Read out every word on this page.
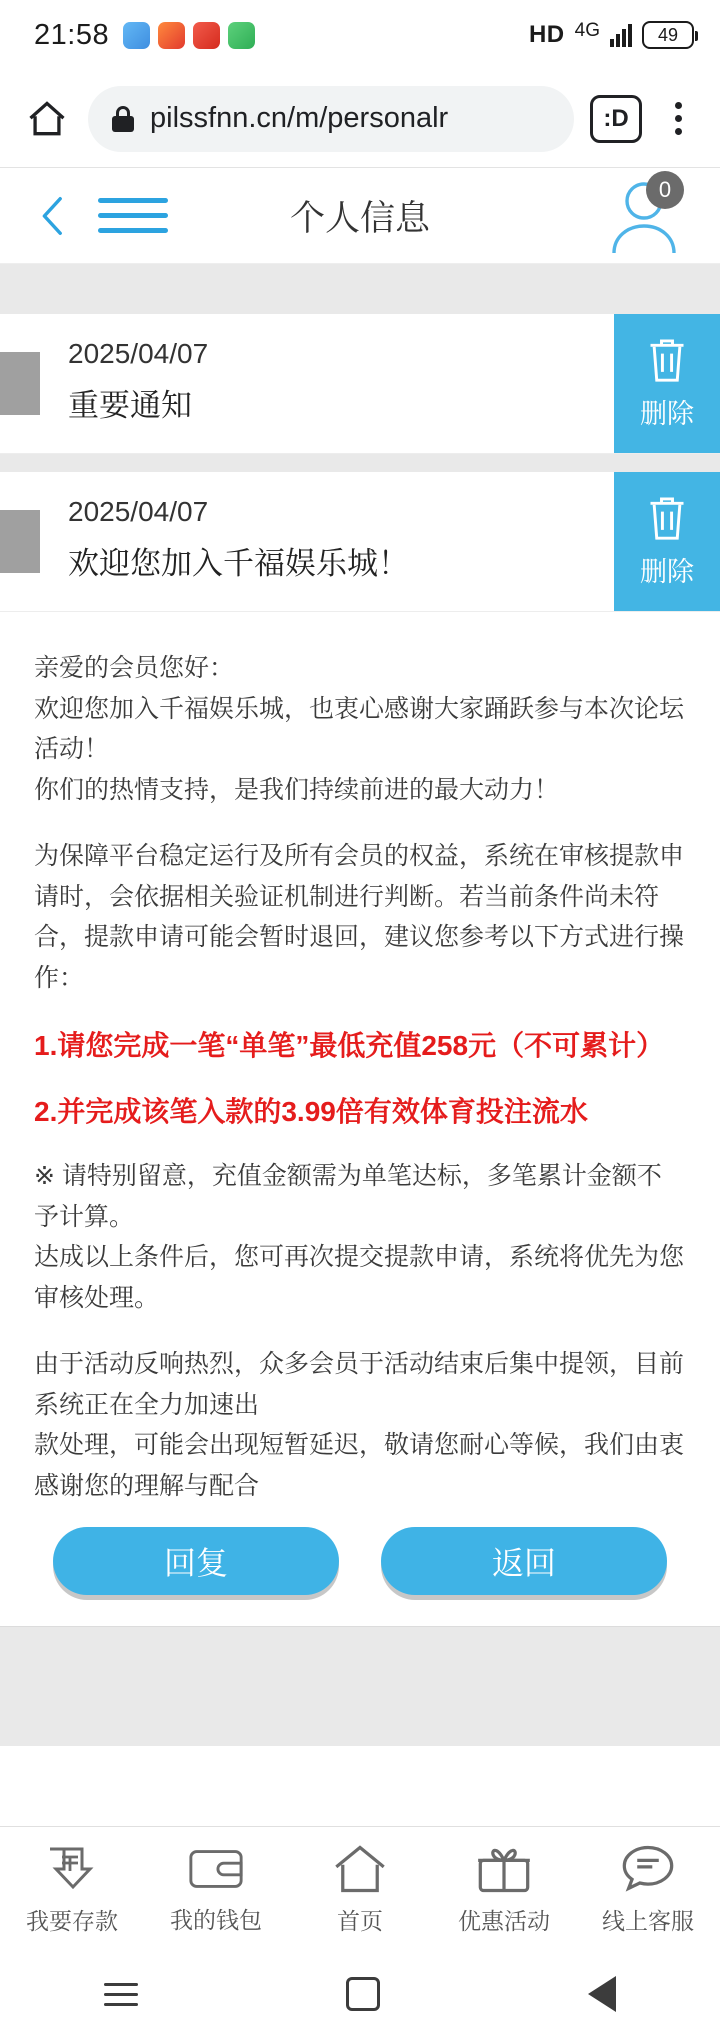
21:58	HD 4G	49
pilssfnn.cn/m/personalr	:D
个人信息
0
2025/04/07
重要通知	删除
2025/04/07
欢迎您加入千福娱乐城！	删除

亲爱的会员您好：

欢迎您加入千福娱乐城，也衷心感谢大家踊跃参与本次论坛活动！

你们的热情支持，是我们持续前进的最大动力！

为保障平台稳定运行及所有会员的权益，系统在审核提款申请时，会依据相关验证机制进行判断。若当前条件尚未符合，提款申请可能会暂时退回，建议您参考以下方式进行操作：

1.请您完成一笔“单笔”最低充值258元（不可累计）
2.并完成该笔入款的3.99倍有效体育投注流水

※ 请特别留意，充值金额需为单笔达标，多笔累计金额不予计算。

达成以上条件后，您可再次提交提款申请，系统将优先为您审核处理。

由于活动反响热烈，众多会员于活动结束后集中提领，目前系统正在全力加速出

款处理，可能会出现短暂延迟，敬请您耐心等候，我们由衷感谢您的理解与配合

回复	返回
我要存款 我的钱包	首页	优惠活动 线上客服
